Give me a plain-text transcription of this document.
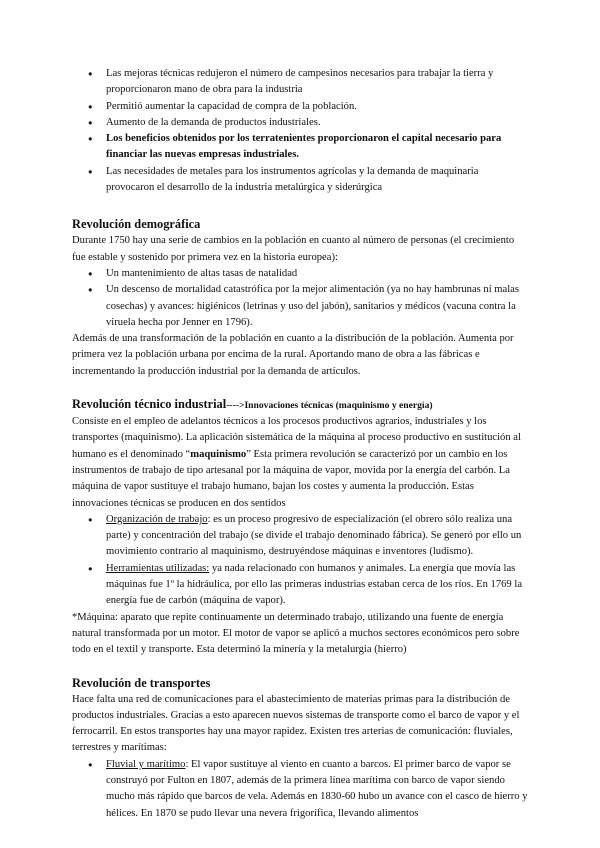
● Las mejoras técnicas redujeron el número de campesinos necesarios para trabajar la tierra y proporcionaron mano de obra para la industria
● Permitió aumentar la capacidad de compra de la población.
● Aumento de la demanda de productos industriales.
● Los beneficios obtenidos por los terratenientes proporcionaron el capital necesario para financiar las nuevas empresas industriales.
● Las necesidades de metales para los instrumentos agrícolas y la demanda de maquinaria provocaron el desarrollo de la industria metalúrgica y siderúrgica
Revolución demográfica

Durante 1750 hay una serie de cambios en la población en cuanto al número de personas (el crecimiento fue estable y sostenido por primera vez en la historia europea):

● Un mantenimiento de altas tasas de natalidad
● Un descenso de mortalidad catastrófica por la mejor alimentación (ya no hay hambrunas ni malas cosechas) y avances: higiénicos (letrinas y uso del jabón), sanitarios y médicos (vacuna contra la viruela hecha por Jenner en 1796).

Además de una transformación de la población en cuanto a la distribución de la población. Aumenta por primera vez la población urbana por encima de la rural. Aportando mano de obra a las fábricas e incrementando la producción industrial por la demanda de artículos.

Revolución técnico industrial---->Innovaciones técnicas (maquinismo y energía)

Consiste en el empleo de adelantos técnicos a los procesos productivos agrarios, industriales y los transportes (maquinismo). La aplicación sistemática de la máquina al proceso productivo en sustitución al humano es el denominado “maquinismo” Esta primera revolución se caracterizó por un cambio en los instrumentos de trabajo de tipo artesanal por la máquina de vapor, movida por la energía del carbón. La máquina de vapor sustituye el trabajo humano, bajan los costes y aumenta la producción. Estas innovaciones técnicas se producen en dos sentidos

● Organización de trabajo: es un proceso progresivo de especialización (el obrero sólo realiza una parte) y concentración del trabajo (se divide el trabajo denominado fábrica). Se generó por ello un movimiento contrario al maquinismo, destruyéndose máquinas e inventores (ludismo).
● Herramientas utilizadas: ya nada relacionado con humanos y animales. La energía que movía las máquinas fue 1º la hidráulica, por ello las primeras industrias estaban cerca de los ríos. En 1769 la energía fue de carbón (máquina de vapor).

*Máquina: aparato que repite continuamente un determinado trabajo, utilizando una fuente de energía natural transformada por un motor. El motor de vapor se aplicó a muchos sectores económicos pero sobre todo en el textil y transporte. Esta determinó la minería y la metalurgia (hierro)

Revolución de transportes

Hace falta una red de comunicaciones para el abastecimiento de materias primas para la distribución de productos industriales. Gracias a esto aparecen nuevos sistemas de transporte como el barco de vapor y el ferrocarril. En estos transportes hay una mayor rapidez. Existen tres arterias de comunicación: fluviales, terrestres y marítimas:

● Fluvial y marítimo: El vapor sustituye al viento en cuanto a barcos. El primer barco de vapor se construyó por Fulton en 1807, además de la primera línea marítima con barco de vapor siendo mucho más rápido que barcos de vela. Además en 1830-60 hubo un avance con el casco de hierro y hélices. En 1870 se pudo llevar una nevera frigorífica, llevando alimentos
